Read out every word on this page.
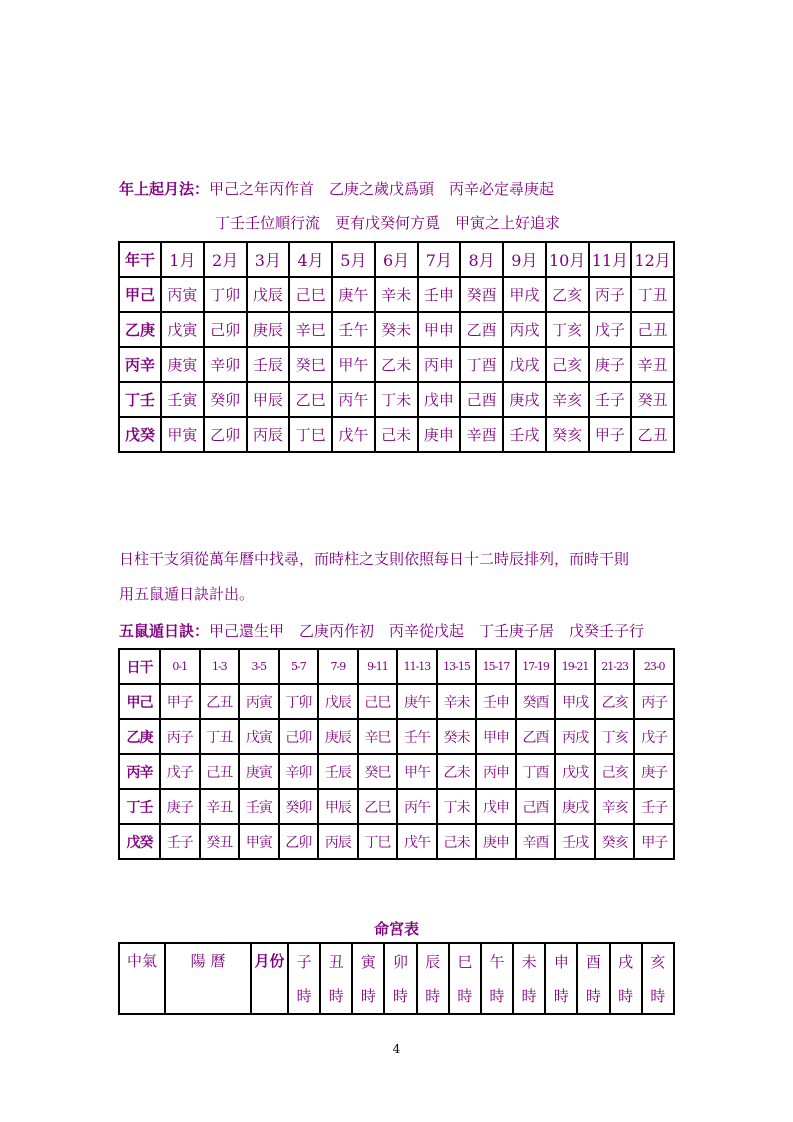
年上起月法：甲己之年丙作首　乙庚之歲戊爲頭　丙辛必定尋庚起
丁壬壬位順行流　更有戊癸何方覓　甲寅之上好追求
年干	1月	2月	3月	4月	5月	6月	7月	8月	9月	10月	11月	12月
甲己	丙寅	丁卯	戊辰	己巳	庚午	辛未	壬申	癸酉	甲戌	乙亥	丙子	丁丑
乙庚	戊寅	己卯	庚辰	辛巳	壬午	癸未	甲申	乙酉	丙戌	丁亥	戊子	己丑
丙辛	庚寅	辛卯	壬辰	癸巳	甲午	乙未	丙申	丁酉	戊戌	己亥	庚子	辛丑
丁壬	壬寅	癸卯	甲辰	乙巳	丙午	丁未	戊申	己酉	庚戌	辛亥	壬子	癸丑
戊癸	甲寅	乙卯	丙辰	丁巳	戊午	己未	庚申	辛酉	壬戌	癸亥	甲子	乙丑
日柱干支須從萬年曆中找尋，而時柱之支則依照每日十二時辰排列，而時干則
用五鼠遁日訣計出。
五鼠遁日訣：甲己還生甲　乙庚丙作初　丙辛從戊起　丁壬庚子居　戊癸壬子行
日干	0-1	1-3	3-5	5-7	7-9	9-11	11-13	13-15	15-17	17-19	19-21	21-23	23-0
甲己	甲子	乙丑	丙寅	丁卯	戊辰	己巳	庚午	辛未	壬申	癸酉	甲戌	乙亥	丙子
乙庚	丙子	丁丑	戊寅	己卯	庚辰	辛巳	壬午	癸未	甲申	乙酉	丙戌	丁亥	戊子
丙辛	戊子	己丑	庚寅	辛卯	壬辰	癸巳	甲午	乙未	丙申	丁酉	戊戌	己亥	庚子
丁壬	庚子	辛丑	壬寅	癸卯	甲辰	乙巳	丙午	丁未	戊申	己酉	庚戌	辛亥	壬子
戊癸	壬子	癸丑	甲寅	乙卯	丙辰	丁巳	戊午	己未	庚申	辛酉	壬戌	癸亥	甲子
命宮表
中氣	陽 曆	月份	子	丑	寅	卯	辰	巳	午	未	申	酉	戌	亥
			時	時	時	時	時	時	時	時	時	時	時	時
4
